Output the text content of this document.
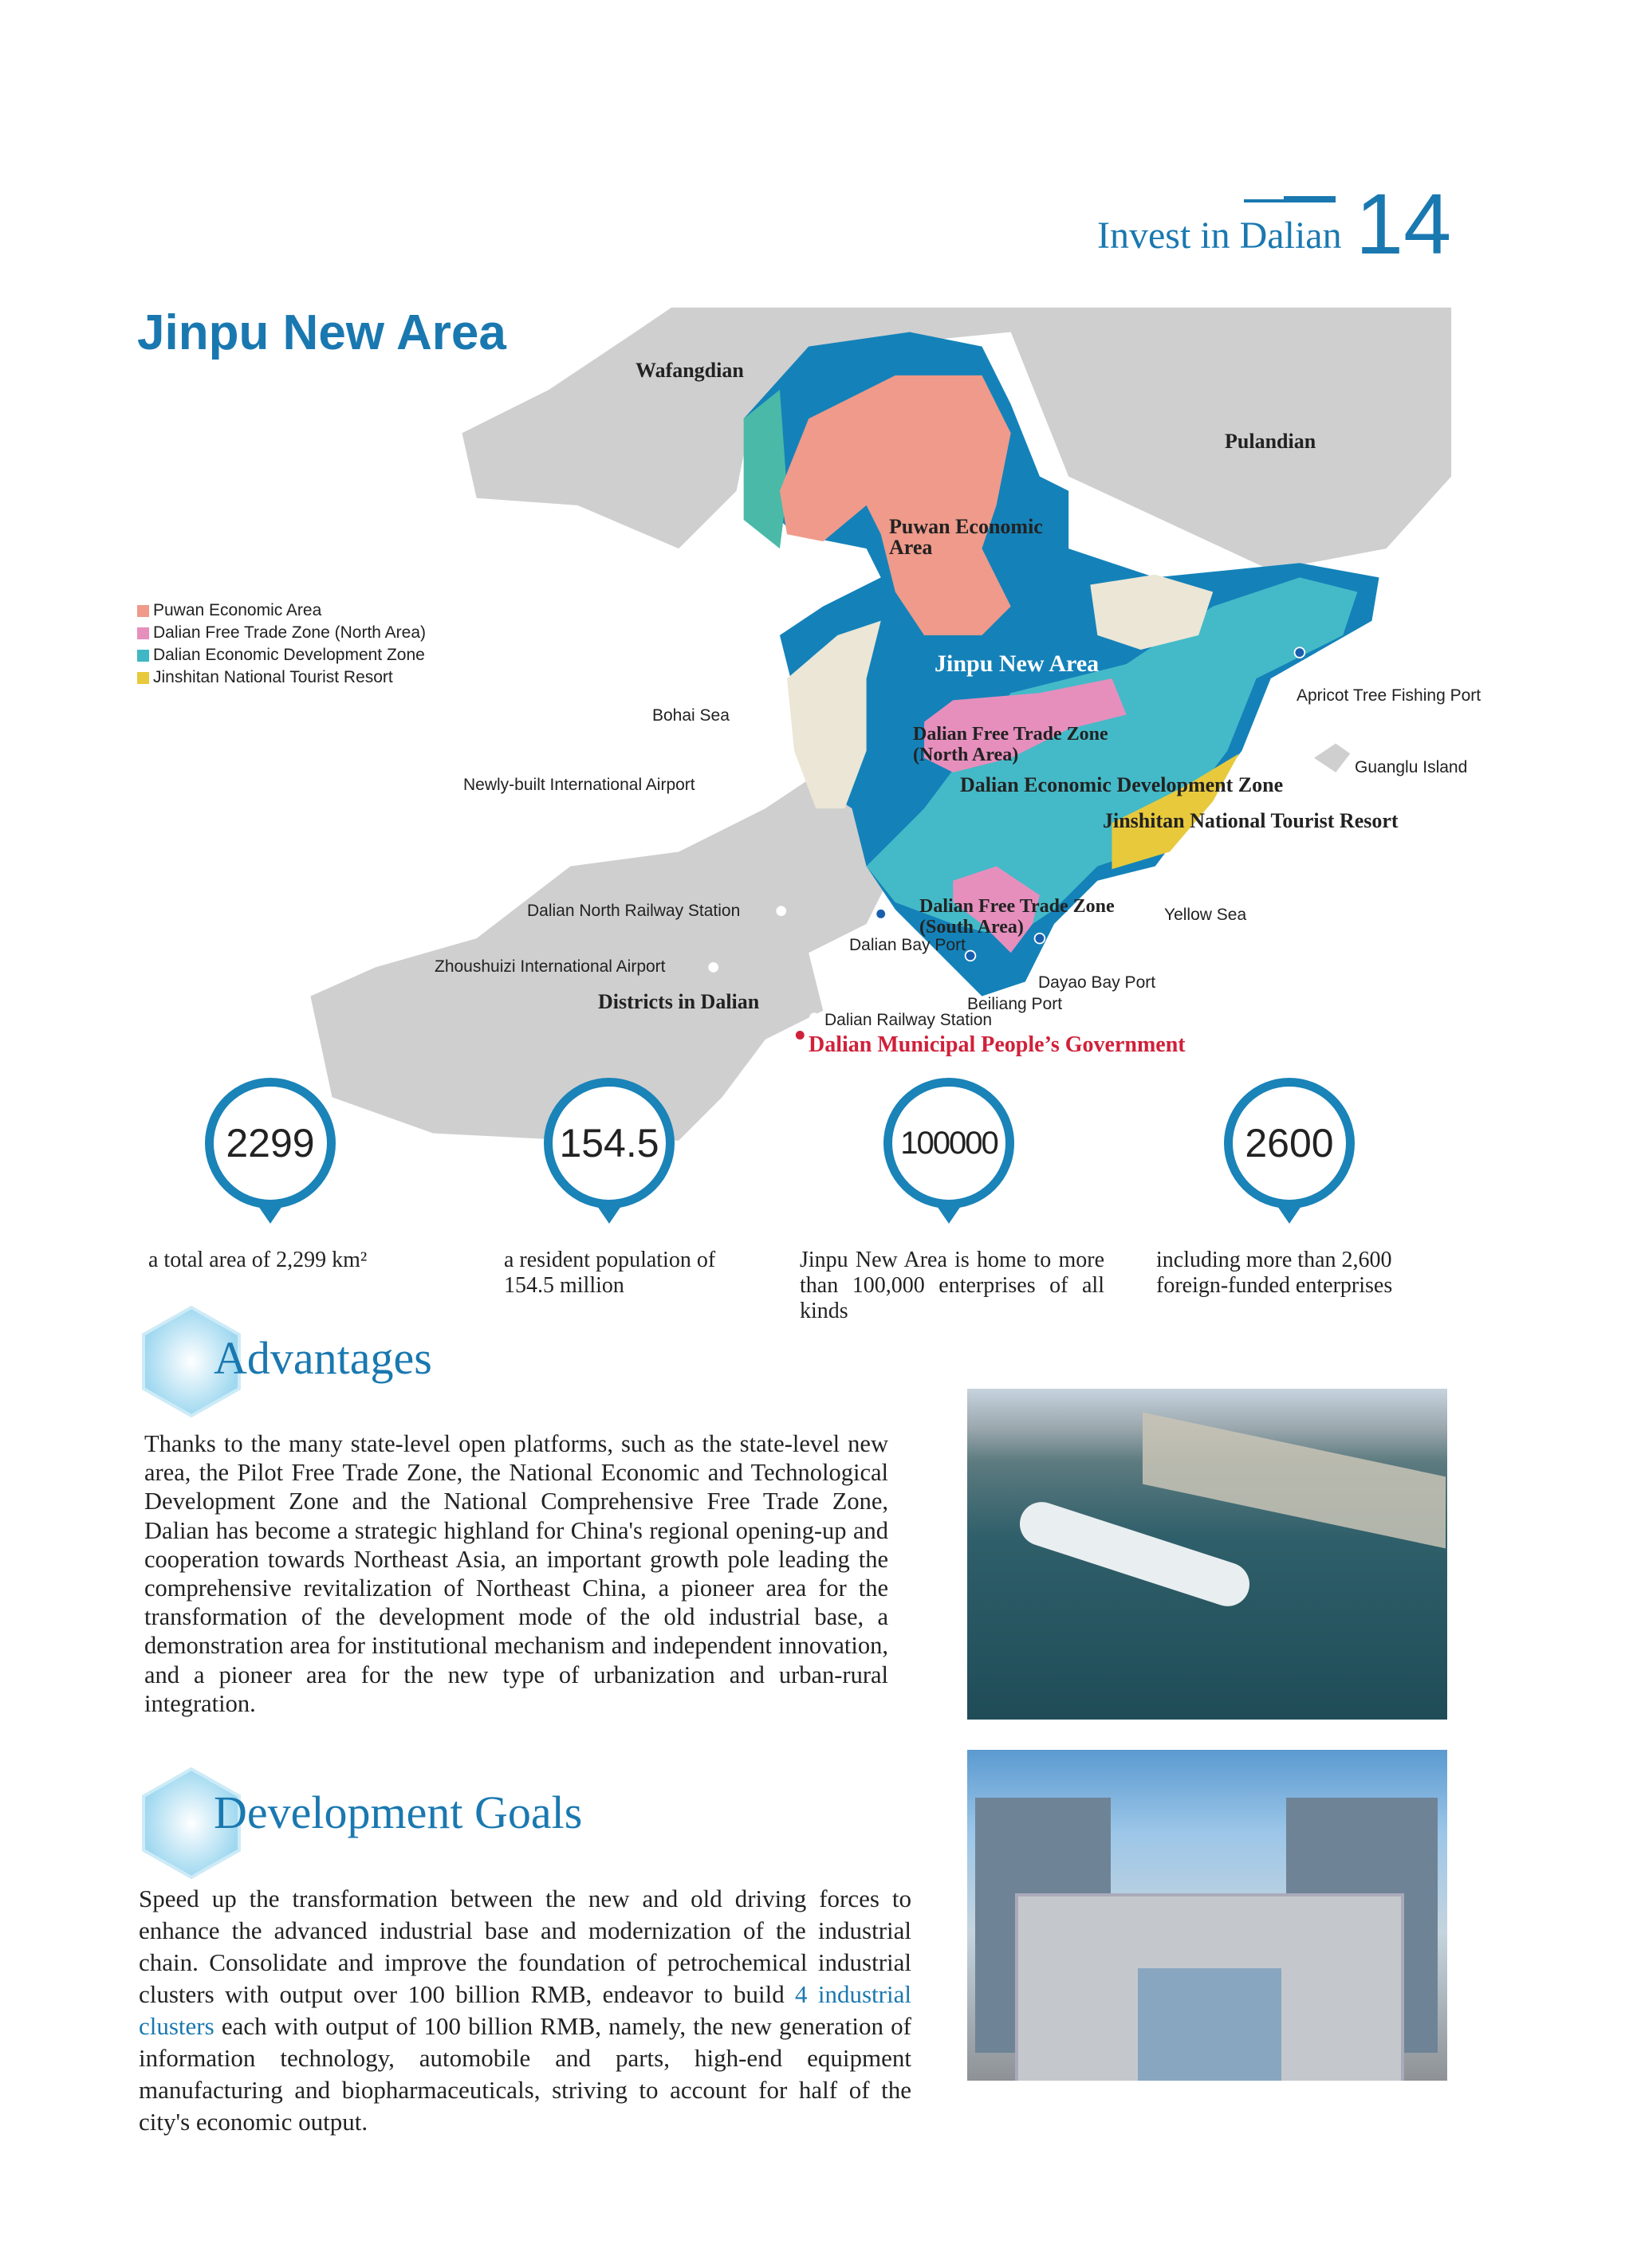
Invest in Dalian 14
Jinpu New Area
Puwan Economic Area
Dalian Free Trade Zone (North Area)
Dalian Economic Development Zone
Jinshitan National Tourist Resort
Wafangdian
Pulandian
Puwan Economic Area
Jinpu New Area
Apricot Tree Fishing Port
Bohai Sea
Dalian Free Trade Zone (North Area)
Guanglu Island
Newly-built International Airport	Dalian Economic Development Zone
Jinshitan National Tourist Resort
Dalian North Railway Station	Dalian Free Trade Zone (South Area)
Yellow Sea
Dalian Bay Port
Zhoushuizi International Airport
Dayao Bay Port
Districts in Dalian	Beiliang Port
Dalian Railway Station
Dalian Municipal People’s Government
2299	154.5	100000	2600
a total area of 2,299 km²	a resident population of 154.5 million
Jinpu New Area is home to more than 100,000 enterprises of all kinds
including more than 2,600 foreign-funded enterprises
Advantages
Thanks to the many state-level open platforms, such as the state-level new area, the Pilot Free Trade Zone, the National Economic and Technological Development Zone and the National Comprehensive Free Trade Zone, Dalian has become a strategic highland for China's regional opening-up and cooperation towards Northeast Asia, an important growth pole leading the comprehensive revitalization of Northeast China, a pioneer area for the transformation of the development mode of the old industrial base, a demonstration area for institutional mechanism and independent innovation, and a pioneer area for the new type of urbanization and urban-rural integration.
Development Goals
Speed up the transformation between the new and old driving forces to enhance the advanced industrial base and modernization of the industrial chain. Consolidate and improve the foundation of petrochemical industrial clusters with output over 100 billion RMB, endeavor to build 4 industrial clusters each with output of 100 billion RMB, namely, the new generation of information technology, automobile and parts, high-end equipment manufacturing and biopharmaceuticals, striving to account for half of the city's economic output.
